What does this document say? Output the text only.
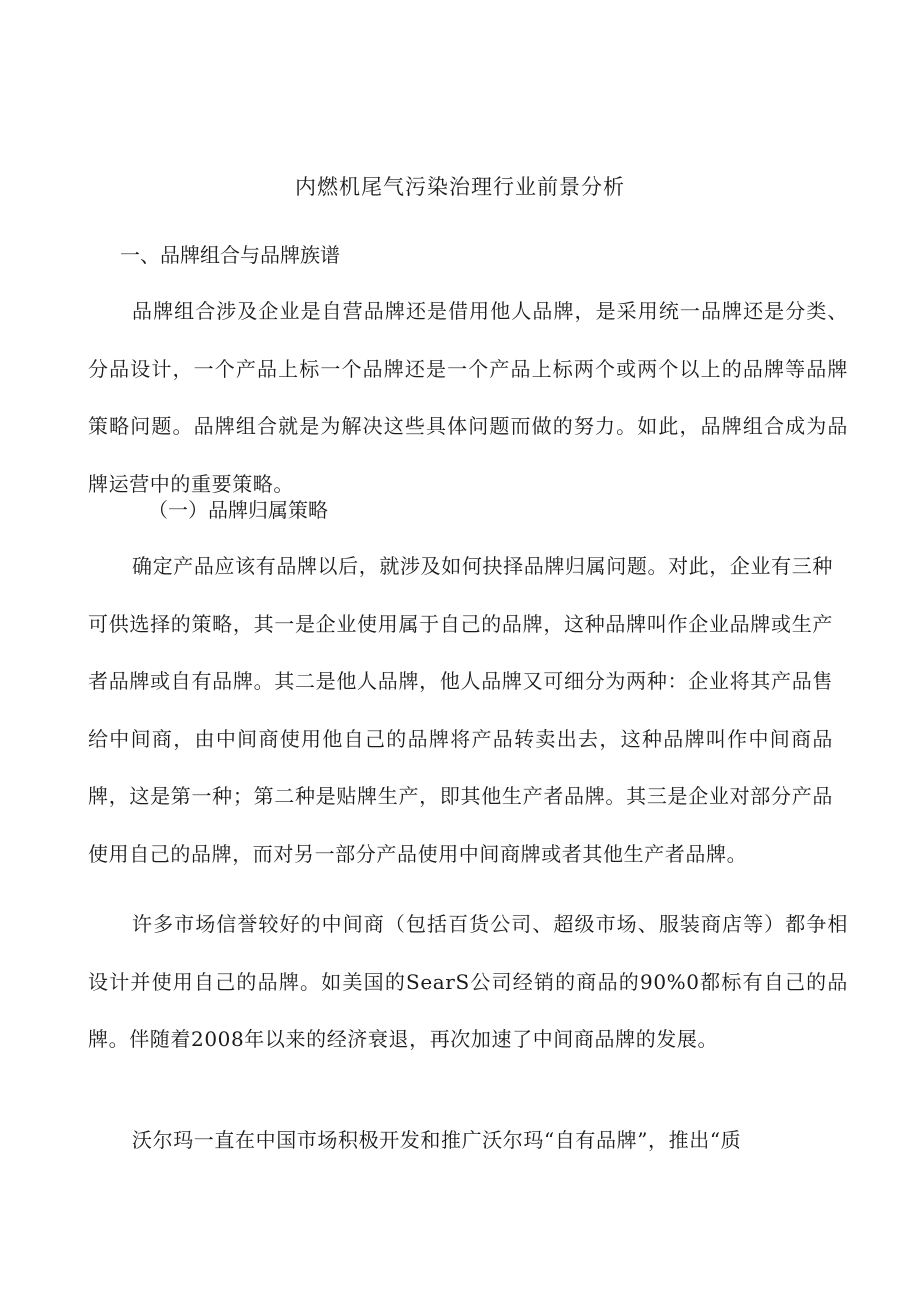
内燃机尾气污染治理行业前景分析
一、品牌组合与品牌族谱
品牌组合涉及企业是自营品牌还是借用他人品牌，是采用统一品牌还是分类、分品设计，一个产品上标一个品牌还是一个产品上标两个或两个以上的品牌等品牌策略问题。品牌组合就是为解决这些具体问题而做的努力。如此，品牌组合成为品牌运营中的重要策略。
（一）品牌归属策略
确定产品应该有品牌以后，就涉及如何抉择品牌归属问题。对此，企业有三种可供选择的策略，其一是企业使用属于自己的品牌，这种品牌叫作企业品牌或生产者品牌或自有品牌。其二是他人品牌，他人品牌又可细分为两种：企业将其产品售给中间商，由中间商使用他自己的品牌将产品转卖出去，这种品牌叫作中间商品牌，这是第一种；第二种是贴牌生产，即其他生产者品牌。其三是企业对部分产品使用自己的品牌，而对另一部分产品使用中间商牌或者其他生产者品牌。
许多市场信誉较好的中间商（包括百货公司、超级市场、服装商店等）都争相设计并使用自己的品牌。如美国的SearS公司经销的商品的90%0都标有自己的品牌。伴随着2008年以来的经济衰退，再次加速了中间商品牌的发展。
沃尔玛一直在中国市场积极开发和推广沃尔玛“自有品牌”，推出“质
